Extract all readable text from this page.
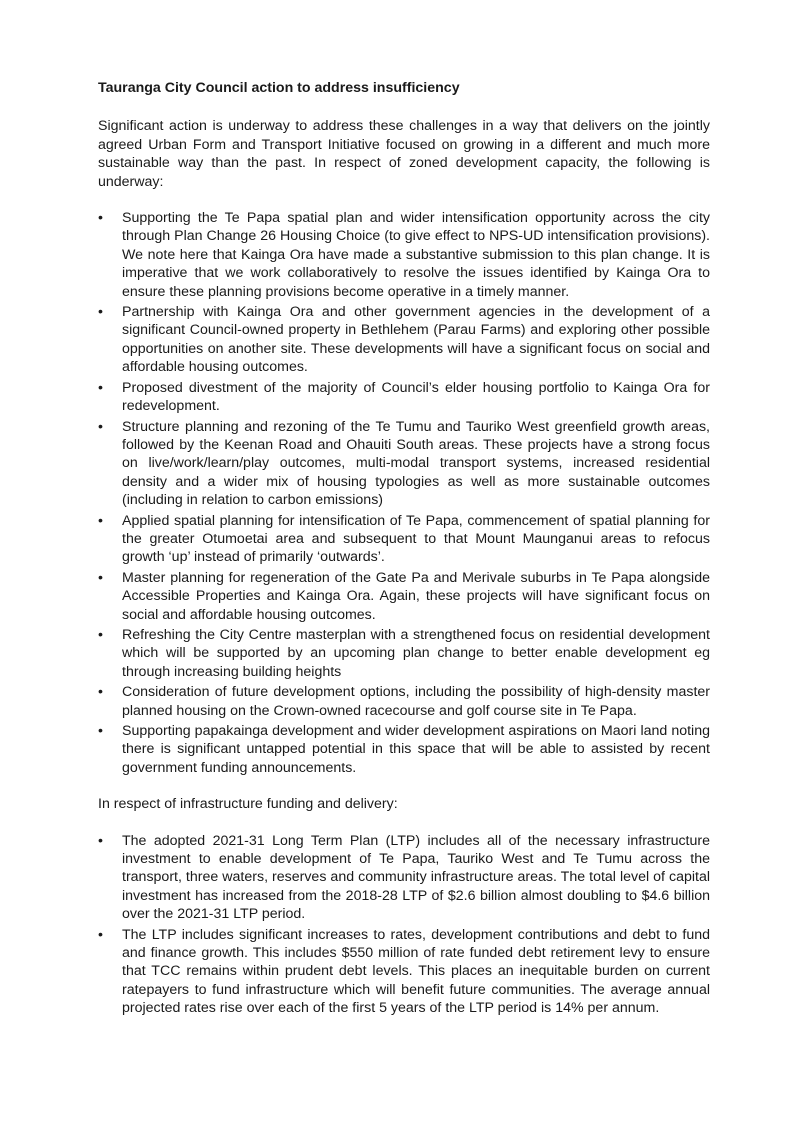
Tauranga City Council action to address insufficiency

Significant action is underway to address these challenges in a way that delivers on the jointly agreed Urban Form and Transport Initiative focused on growing in a different and much more sustainable way than the past. In respect of zoned development capacity, the following is underway:

• Supporting the Te Papa spatial plan and wider intensification opportunity across the city through Plan Change 26 Housing Choice (to give effect to NPS-UD intensification provisions). We note here that Kainga Ora have made a substantive submission to this plan change. It is imperative that we work collaboratively to resolve the issues identified by Kainga Ora to ensure these planning provisions become operative in a timely manner.
• Partnership with Kainga Ora and other government agencies in the development of a significant Council-owned property in Bethlehem (Parau Farms) and exploring other possible opportunities on another site. These developments will have a significant focus on social and affordable housing outcomes.
• Proposed divestment of the majority of Council’s elder housing portfolio to Kainga Ora for redevelopment.
• Structure planning and rezoning of the Te Tumu and Tauriko West greenfield growth areas, followed by the Keenan Road and Ohauiti South areas. These projects have a strong focus on live/work/learn/play outcomes, multi-modal transport systems, increased residential density and a wider mix of housing typologies as well as more sustainable outcomes (including in relation to carbon emissions)
• Applied spatial planning for intensification of Te Papa, commencement of spatial planning for the greater Otumoetai area and subsequent to that Mount Maunganui areas to refocus growth ‘up’ instead of primarily ‘outwards’.
• Master planning for regeneration of the Gate Pa and Merivale suburbs in Te Papa alongside Accessible Properties and Kainga Ora. Again, these projects will have significant focus on social and affordable housing outcomes.
• Refreshing the City Centre masterplan with a strengthened focus on residential development which will be supported by an upcoming plan change to better enable development eg through increasing building heights
• Consideration of future development options, including the possibility of high-density master planned housing on the Crown-owned racecourse and golf course site in Te Papa.
• Supporting papakainga development and wider development aspirations on Maori land noting there is significant untapped potential in this space that will be able to assisted by recent government funding announcements.

In respect of infrastructure funding and delivery:

• The adopted 2021-31 Long Term Plan (LTP) includes all of the necessary infrastructure investment to enable development of Te Papa, Tauriko West and Te Tumu across the transport, three waters, reserves and community infrastructure areas. The total level of capital investment has increased from the 2018-28 LTP of $2.6 billion almost doubling to $4.6 billion over the 2021-31 LTP period.
• The LTP includes significant increases to rates, development contributions and debt to fund and finance growth. This includes $550 million of rate funded debt retirement levy to ensure that TCC remains within prudent debt levels. This places an inequitable burden on current ratepayers to fund infrastructure which will benefit future communities. The average annual projected rates rise over each of the first 5 years of the LTP period is 14% per annum.
